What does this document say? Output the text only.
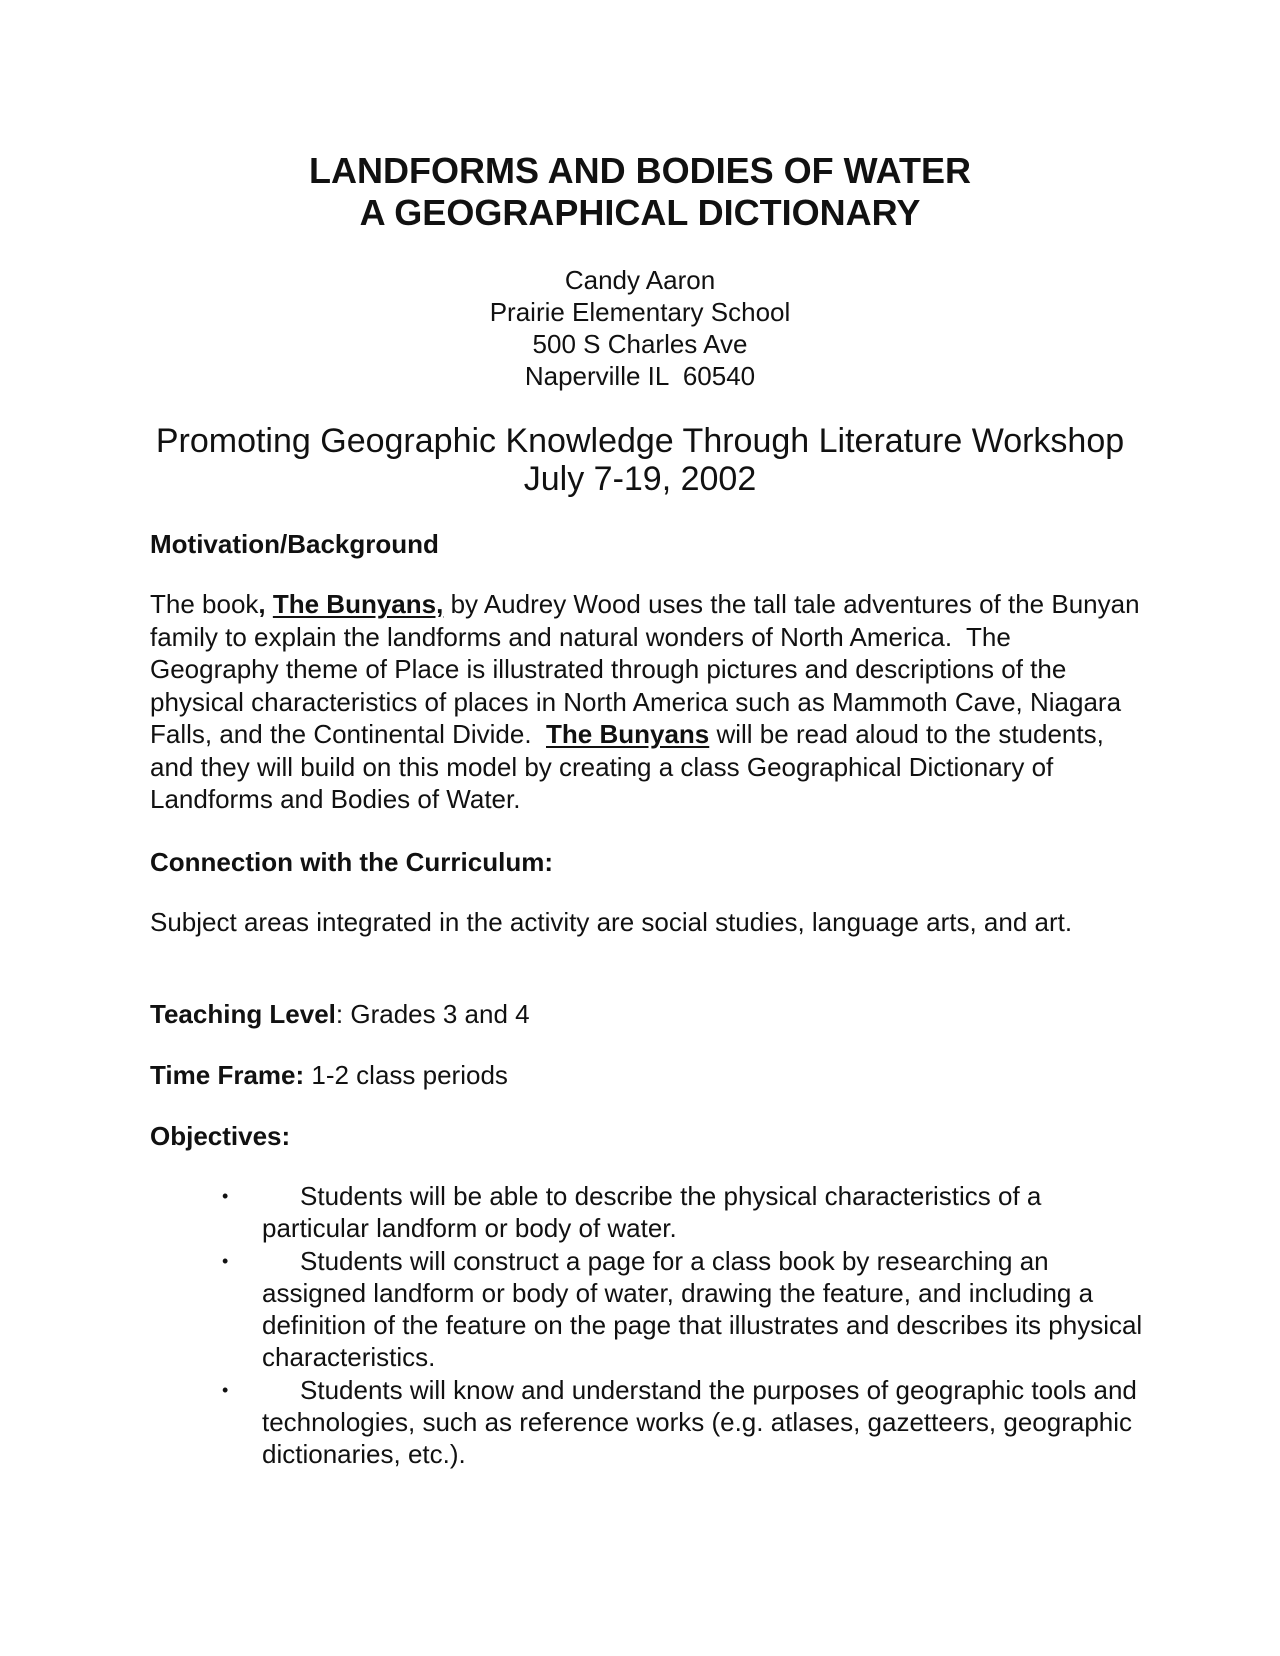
LANDFORMS AND BODIES OF WATER
A GEOGRAPHICAL DICTIONARY
Candy Aaron
Prairie Elementary School
500 S Charles Ave
Naperville IL  60540
Promoting Geographic Knowledge Through Literature Workshop
July 7-19, 2002
Motivation/Background

The book, The Bunyans, by Audrey Wood uses the tall tale adventures of the Bunyan family to explain the landforms and natural wonders of North America.  The Geography theme of Place is illustrated through pictures and descriptions of the physical characteristics of places in North America such as Mammoth Cave, Niagara Falls, and the Continental Divide.  The Bunyans will be read aloud to the students, and they will build on this model by creating a class Geographical Dictionary of Landforms and Bodies of Water.

Connection with the Curriculum:

Subject areas integrated in the activity are social studies, language arts, and art.

Teaching Level: Grades 3 and 4

Time Frame: 1-2 class periods

Objectives:
•	Students will be able to describe the physical characteristics of a particular landform or body of water.
•	Students will construct a page for a class book by researching an assigned landform or body of water, drawing the feature, and including a definition of the feature on the page that illustrates and describes its physical characteristics.
•	Students will know and understand the purposes of geographic tools and technologies, such as reference works (e.g. atlases, gazetteers, geographic dictionaries, etc.).
